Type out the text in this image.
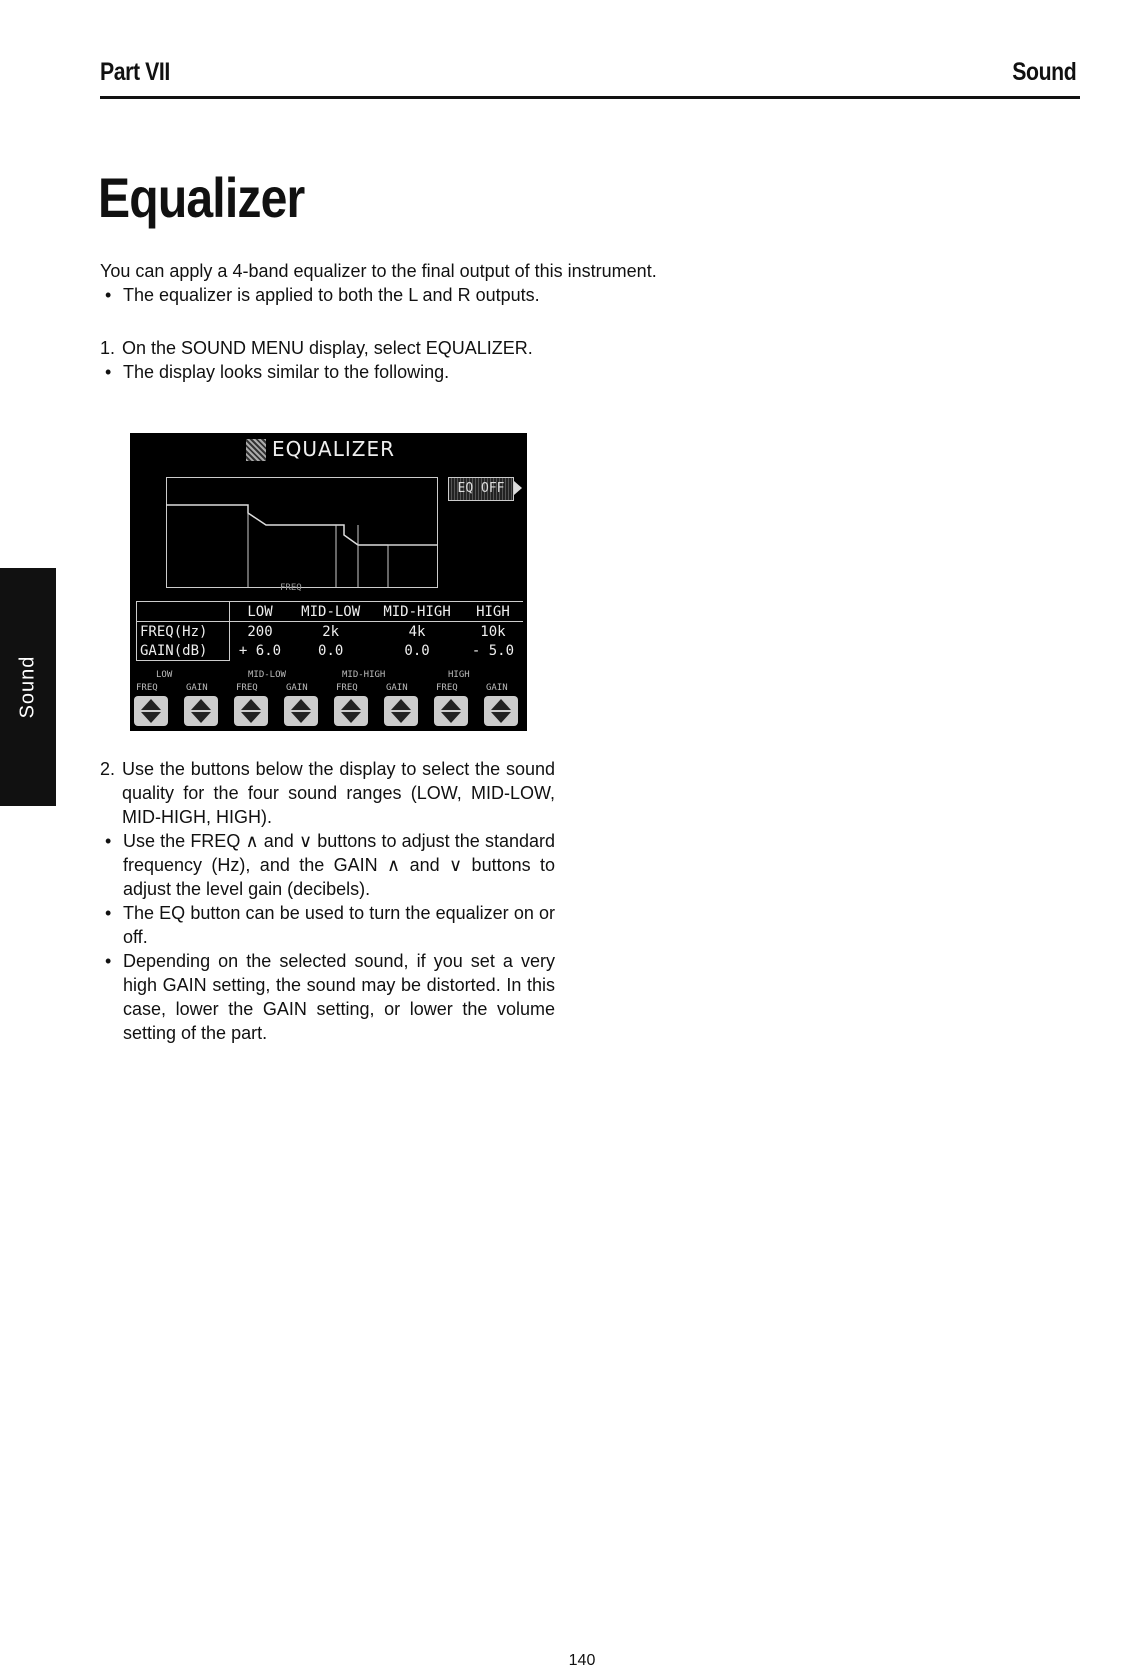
Part VII	Sound
Equalizer
You can apply a 4-band equalizer to the final output of this instrument.
• The equalizer is applied to both the L and R outputs.
1. On the SOUND MENU display, select EQUALIZER.
• The display looks similar to the following.
EQUALIZER
FREQ
EQ OFF
	LOW	MID-LOW	MID-HIGH	HIGH
FREQ(Hz)	200	2k	4k	10k
GAIN(dB)	+ 6.0	0.0	0.0	- 5.0
LOW	MID-LOW	MID-HIGH	HIGH
FREQ	GAIN	FREQ	GAIN	FREQ	GAIN	FREQ	GAIN
2. Use the buttons below the display to select the sound quality for the four sound ranges (LOW, MID-LOW, MID-HIGH, HIGH).
• Use the FREQ ∧ and ∨ buttons to adjust the standard frequency (Hz), and the GAIN ∧ and ∨ buttons to adjust the level gain (decibels).
• The EQ button can be used to turn the equalizer on or off.
• Depending on the selected sound, if you set a very high GAIN setting, the sound may be distorted. In this case, lower the GAIN setting, or lower the volume setting of the part.
Sound
140
